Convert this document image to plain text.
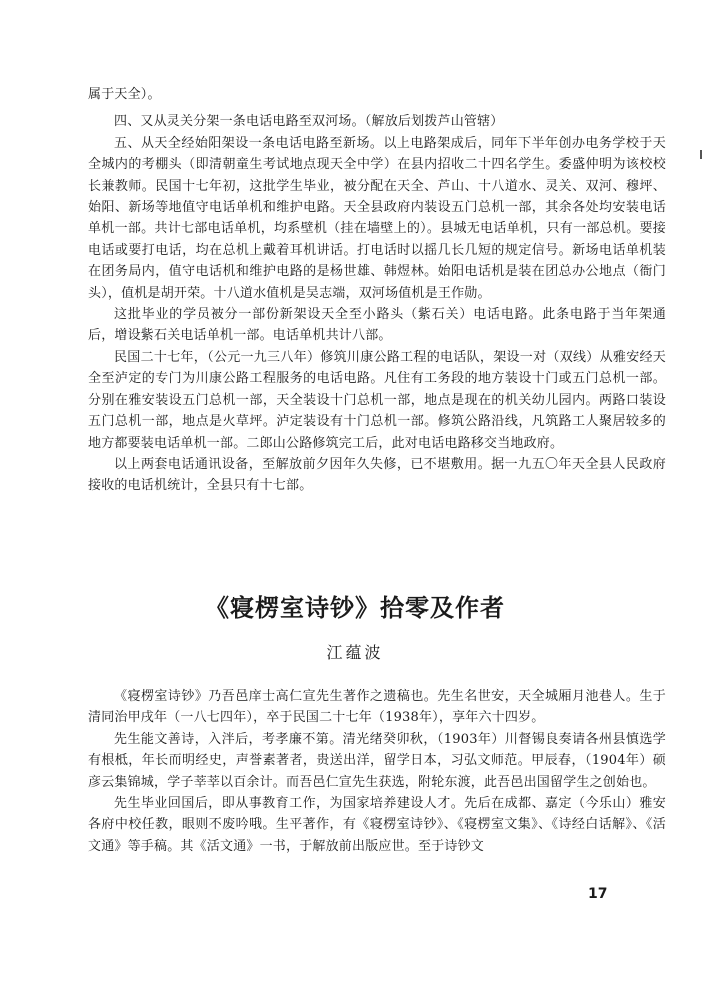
属于天全）。

四、又从灵关分架一条电话电路至双河场。（解放后划拨芦山管辖）

五、从天全经始阳架设一条电话电路至新场。以上电路架成后，同年下半年创办电务学校于天全城内的考棚头（即清朝童生考试地点现天全中学）在县内招收二十四名学生。委盛仲明为该校校长兼教师。民国十七年初，这批学生毕业，被分配在天全、芦山、十八道水、灵关、双河、穆坪、始阳、新场等地值守电话单机和维护电路。天全县政府内装设五门总机一部，其余各处均安装电话单机一部。共计七部电话单机，均系壁机（挂在墙壁上的）。县城无电话单机，只有一部总机。要接电话或要打电话，均在总机上戴着耳机讲话。打电话时以摇几长几短的规定信号。新场电话单机装在团务局内，值守电话机和维护电路的是杨世雄、韩煜林。始阳电话机是装在团总办公地点（衙门头），值机是胡开荣。十八道水值机是吴志端，双河场值机是王作勋。

这批毕业的学员被分一部份新架设天全至小路头（紫石关）电话电路。此条电路于当年架通后，增设紫石关电话单机一部。电话单机共计八部。

民国二十七年，（公元一九三八年）修筑川康公路工程的电话队，架设一对（双线）从雅安经天全至泸定的专门为川康公路工程服务的电话电路。凡住有工务段的地方装设十门或五门总机一部。分别在雅安装设五门总机一部，天全装设十门总机一部，地点是现在的机关幼儿园内。两路口装设五门总机一部，地点是火草坪。泸定装设有十门总机一部。修筑公路沿线，凡筑路工人聚居较多的地方都要装电话单机一部。二郎山公路修筑完工后，此对电话电路移交当地政府。

以上两套电话通讯设备，至解放前夕因年久失修，已不堪敷用。据一九五〇年天全县人民政府接收的电话机统计，全县只有十七部。

《寝楞室诗钞》拾零及作者
江蕴波

《寝楞室诗钞》乃吾邑庠士高仁宣先生著作之遗稿也。先生名世安，天全城厢月池巷人。生于清同治甲戌年（一八七四年），卒于民国二十七年（1938年），享年六十四岁。

先生能文善诗，入泮后，考孝廉不第。清光绪癸卯秋，（1903年）川督锡良奏请各州县慎选学有根柢，年长而明经史，声誉素著者，贵送出洋，留学日本，习弘文师范。甲辰春，（1904年）硕彦云集锦城，学子莘莘以百余计。而吾邑仁宣先生获选，附轮东渡，此吾邑出国留学生之创始也。

先生毕业回国后，即从事教育工作，为国家培养建设人才。先后在成都、嘉定（今乐山）雅安各府中校任教，眼则不废吟哦。生平著作，有《寝楞室诗钞》、《寝楞室文集》、《诗经白话解》、《活文通》等手稿。其《活文通》一书，于解放前出版应世。至于诗钞文

17
